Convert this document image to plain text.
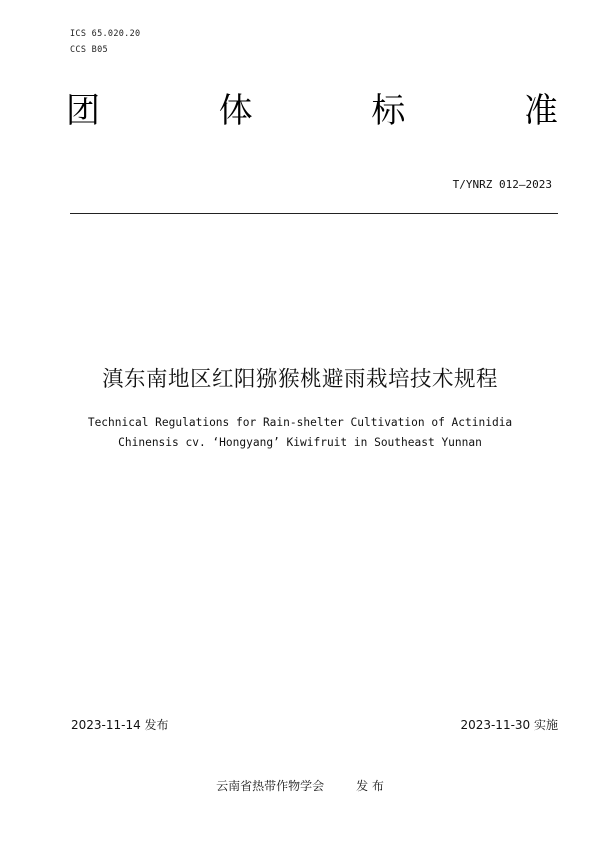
ICS 65.020.20
CCS B05
团	体	标	准
T/YNRZ 012—2023
滇东南地区红阳猕猴桃避雨栽培技术规程
Technical Regulations for Rain-shelter Cultivation of Actinidia
Chinensis cv. ‘Hongyang’ Kiwifruit in Southeast Yunnan
2023-11-14 发布	2023-11-30 实施
云南省热带作物学会	发 布
